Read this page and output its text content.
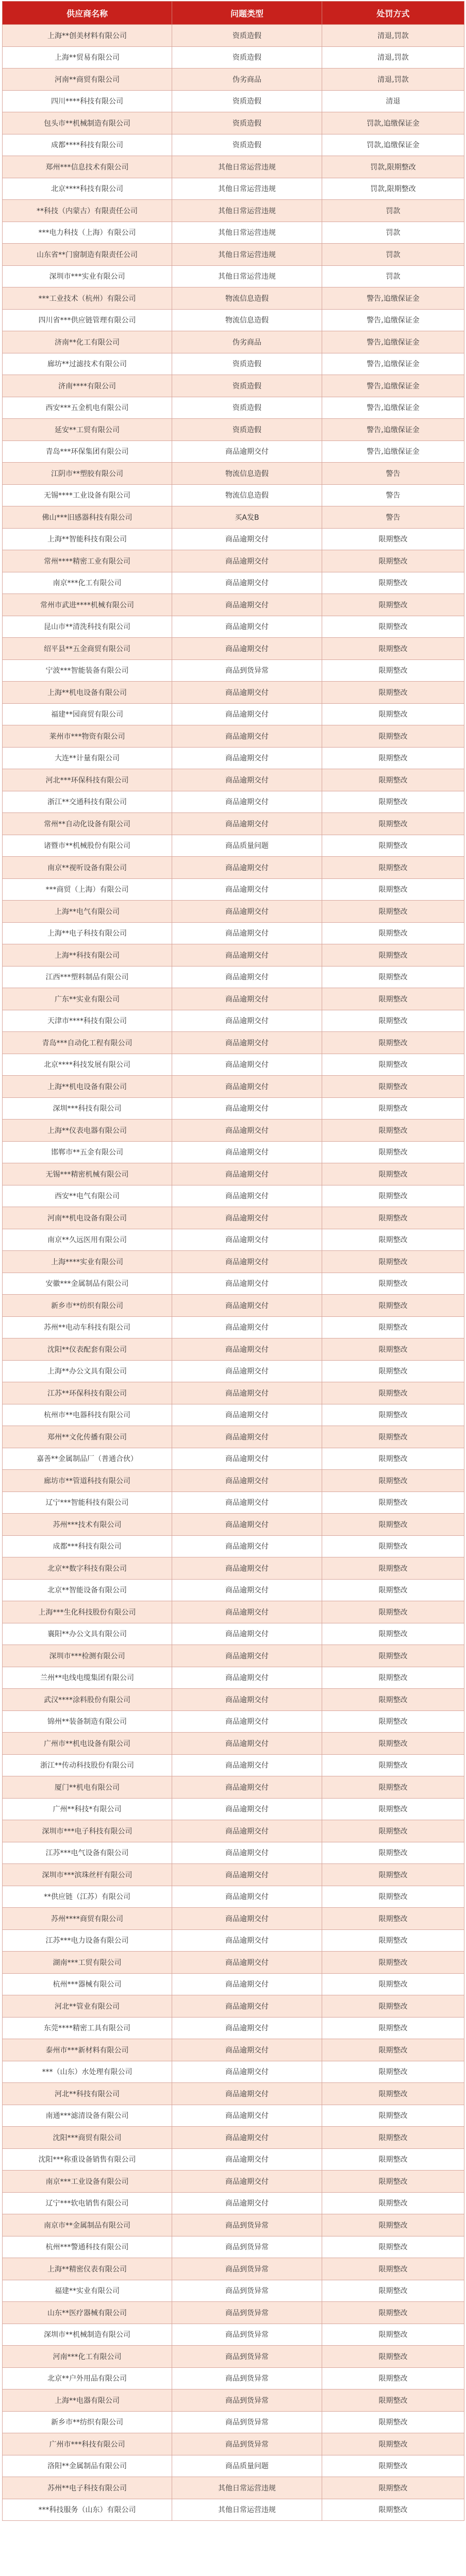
供应商名称	问题类型	处罚方式
上海**创美材料有限公司	资质造假	清退,罚款
上海**贸易有限公司	资质造假	清退,罚款
河南**商贸有限公司	伪劣商品	清退,罚款
四川****科技有限公司	资质造假	清退
包头市**机械制造有限公司	资质造假	罚款,追缴保证金
成都****科技有限公司	资质造假	罚款,追缴保证金
郑州***信息技术有限公司	其他日常运营违规	罚款,限期整改
北京****科技有限公司	其他日常运营违规	罚款,限期整改
**科技（内蒙古）有限责任公司	其他日常运营违规	罚款
***电力科技（上海）有限公司	其他日常运营违规	罚款
山东省**门窗制造有限责任公司	其他日常运营违规	罚款
深圳市***实业有限公司	其他日常运营违规	罚款
***工业技术（杭州）有限公司	物流信息造假	警告,追缴保证金
四川省***供应链管理有限公司	物流信息造假	警告,追缴保证金
济南**化工有限公司	伪劣商品	警告,追缴保证金
廊坊**过滤技术有限公司	资质造假	警告,追缴保证金
济南****有限公司	资质造假	警告,追缴保证金
西安***五金机电有限公司	资质造假	警告,追缴保证金
延安**工贸有限公司	资质造假	警告,追缴保证金
青岛***环保集团有限公司	商品逾期交付	警告,追缴保证金
江阴市**塑胶有限公司	物流信息造假	警告
无锡****工业设备有限公司	物流信息造假	警告
佛山***旧感器科技有限公司	买A发B	警告
上海**智能科技有限公司	商品逾期交付	限期整改
常州****精密工业有限公司	商品逾期交付	限期整改
南京***化工有限公司	商品逾期交付	限期整改
常州市武进****机械有限公司	商品逾期交付	限期整改
昆山市**清洗科技有限公司	商品逾期交付	限期整改
绍平县**五金商贸有限公司	商品逾期交付	限期整改
宁波***智能装备有限公司	商品到货异常	限期整改
上海**机电设备有限公司	商品逾期交付	限期整改
福建**园商贸有限公司	商品逾期交付	限期整改
莱州市***物资有限公司	商品逾期交付	限期整改
大连**计量有限公司	商品逾期交付	限期整改
河北***环保科技有限公司	商品逾期交付	限期整改
浙江**交通科技有限公司	商品逾期交付	限期整改
常州**自动化设备有限公司	商品逾期交付	限期整改
诸暨市**机械股份有限公司	商品质量问题	限期整改
南京**视听设备有限公司	商品逾期交付	限期整改
***商贸（上海）有限公司	商品逾期交付	限期整改
上海**电气有限公司	商品逾期交付	限期整改
上海**电子科技有限公司	商品逾期交付	限期整改
上海**科技有限公司	商品逾期交付	限期整改
江西***塑料制品有限公司	商品逾期交付	限期整改
广东**实业有限公司	商品逾期交付	限期整改
天津市****科技有限公司	商品逾期交付	限期整改
青岛***自动化工程有限公司	商品逾期交付	限期整改
北京****科技发展有限公司	商品逾期交付	限期整改
上海**机电设备有限公司	商品逾期交付	限期整改
深圳***科技有限公司	商品逾期交付	限期整改
上海**仪表电器有限公司	商品逾期交付	限期整改
邯郸市**五金有限公司	商品逾期交付	限期整改
无锡***精密机械有限公司	商品逾期交付	限期整改
西安**电气有限公司	商品逾期交付	限期整改
河南**机电设备有限公司	商品逾期交付	限期整改
南京**久远医用有限公司	商品逾期交付	限期整改
上海****实业有限公司	商品逾期交付	限期整改
安徽***金属制品有限公司	商品逾期交付	限期整改
新乡市**纺织有限公司	商品逾期交付	限期整改
苏州**电动车科技有限公司	商品逾期交付	限期整改
沈阳**仪表配套有限公司	商品逾期交付	限期整改
上海**办公文具有限公司	商品逾期交付	限期整改
江苏**环保科技有限公司	商品逾期交付	限期整改
杭州市**电器科技有限公司	商品逾期交付	限期整改
郑州**文化传播有限公司	商品逾期交付	限期整改
嘉善**金属制品厂（普通合伙）	商品逾期交付	限期整改
廊坊市**管道科技有限公司	商品逾期交付	限期整改
辽宁***智能科技有限公司	商品逾期交付	限期整改
苏州***技术有限公司	商品逾期交付	限期整改
成都***科技有限公司	商品逾期交付	限期整改
北京**数字科技有限公司	商品逾期交付	限期整改
北京**智能设备有限公司	商品逾期交付	限期整改
上海***生化科技股份有限公司	商品逾期交付	限期整改
襄阳**办公文具有限公司	商品逾期交付	限期整改
深圳市***检测有限公司	商品逾期交付	限期整改
兰州**电线电缆集团有限公司	商品逾期交付	限期整改
武汉****涂料股份有限公司	商品逾期交付	限期整改
锦州**装备制造有限公司	商品逾期交付	限期整改
广州市**机电设备有限公司	商品逾期交付	限期整改
浙江**传动科技股份有限公司	商品逾期交付	限期整改
厦门**机电有限公司	商品逾期交付	限期整改
广州**科技*有限公司	商品逾期交付	限期整改
深圳市***电子科技有限公司	商品逾期交付	限期整改
江苏***电气设备有限公司	商品逾期交付	限期整改
深圳市***滨珠丝杆有限公司	商品逾期交付	限期整改
**供应链（江苏）有限公司	商品逾期交付	限期整改
苏州****商贸有限公司	商品逾期交付	限期整改
江苏***电力设备有限公司	商品逾期交付	限期整改
湖南***工贸有限公司	商品逾期交付	限期整改
杭州***器械有限公司	商品逾期交付	限期整改
河北**管业有限公司	商品逾期交付	限期整改
东莞****精密工具有限公司	商品逾期交付	限期整改
泰州市***新材料有限公司	商品逾期交付	限期整改
***（山东）水处理有限公司	商品逾期交付	限期整改
河北**科技有限公司	商品逾期交付	限期整改
南通***滤清设备有限公司	商品逾期交付	限期整改
沈阳***商贸有限公司	商品逾期交付	限期整改
沈阳***称重设备销售有限公司	商品逾期交付	限期整改
南京***工业设备有限公司	商品逾期交付	限期整改
辽宁***软电销售有限公司	商品逾期交付	限期整改
南京市**金属制品有限公司	商品到货异常	限期整改
杭州***警通科技有限公司	商品到货异常	限期整改
上海**精密仪表有限公司	商品到货异常	限期整改
福建**实业有限公司	商品到货异常	限期整改
山东**医疗器械有限公司	商品到货异常	限期整改
深圳市**机械制造有限公司	商品到货异常	限期整改
河南***化工有限公司	商品到货异常	限期整改
北京**户外用品有限公司	商品到货异常	限期整改
上海**电器有限公司	商品到货异常	限期整改
新乡市**纺织有限公司	商品到货异常	限期整改
广州市***科技有限公司	商品到货异常	限期整改
洛阳**金属制品有限公司	商品质量问题	限期整改
苏州**电子科技有限公司	其他日常运营违规	限期整改
***科技服务（山东）有限公司	其他日常运营违规	限期整改
